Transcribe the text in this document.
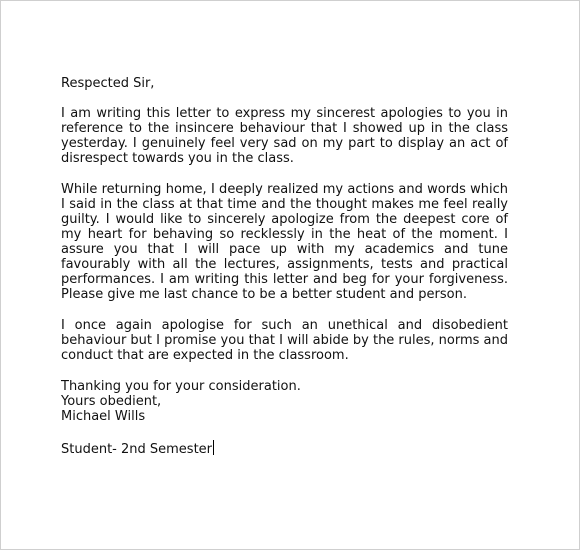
Respected Sir,

I am writing this letter to express my sincerest apologies to you in reference to the insincere behaviour that I showed up in the class yesterday. I genuinely feel very sad on my part to display an act of disrespect towards you in the class.

While returning home, I deeply realized my actions and words which I said in the class at that time and the thought makes me feel really guilty. I would like to sincerely apologize from the deepest core of my heart for behaving so recklessly in the heat of the moment. I assure you that I will pace up with my academics and tune favourably with all the lectures, assignments, tests and practical performances. I am writing this letter and beg for your forgiveness. Please give me last chance to be a better student and person.

I once again apologise for such an unethical and disobedient behaviour but I promise you that I will abide by the rules, norms and conduct that are expected in the classroom.

Thanking you for your consideration.

Yours obedient,

Michael Wills

Student- 2nd Semester
